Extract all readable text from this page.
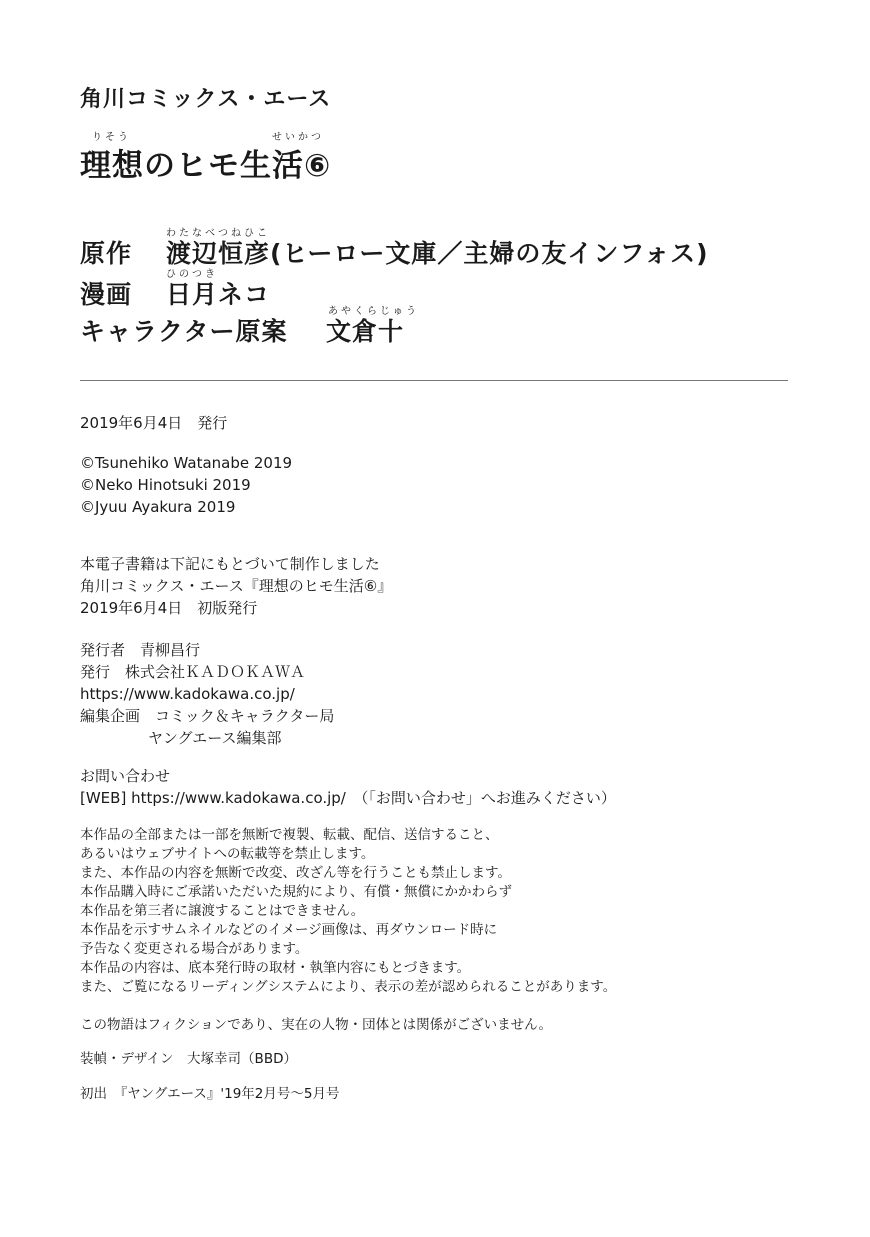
角川コミックス・エース
りそう	せいかつ
理想のヒモ生活⑥
わたなべつねひこ
原作 渡辺恒彦(ヒーロー文庫／主婦の友インフォス)
ひのつき
漫画 日月ネコ
あやくらじゅう
キャラクター原案 文倉十
2019年6月4日　発行
©Tsunehiko Watanabe 2019
©Neko Hinotsuki 2019
©Jyuu Ayakura 2019
本電子書籍は下記にもとづいて制作しました
角川コミックス・エース『理想のヒモ生活⑥』
2019年6月4日　初版発行
発行者　青柳昌行
発行　株式会社ＫＡＤＯＫＡＷＡ
https://www.kadokawa.co.jp/
編集企画　コミック＆キャラクター局
ヤングエース編集部
お問い合わせ
[WEB] https://www.kadokawa.co.jp/　（「お問い合わせ」へお進みください）
本作品の全部または一部を無断で複製、転載、配信、送信すること、
あるいはウェブサイトへの転載等を禁止します。
また、本作品の内容を無断で改変、改ざん等を行うことも禁止します。
本作品購入時にご承諾いただいた規約により、有償・無償にかかわらず
本作品を第三者に譲渡することはできません。
本作品を示すサムネイルなどのイメージ画像は、再ダウンロード時に
予告なく変更される場合があります。
本作品の内容は、底本発行時の取材・執筆内容にもとづきます。
また、ご覧になるリーディングシステムにより、表示の差が認められることがあります。
この物語はフィクションであり、実在の人物・団体とは関係がございません。
装幀・デザイン　大塚幸司（BBD）
初出　『ヤングエース』'19年2月号～5月号
